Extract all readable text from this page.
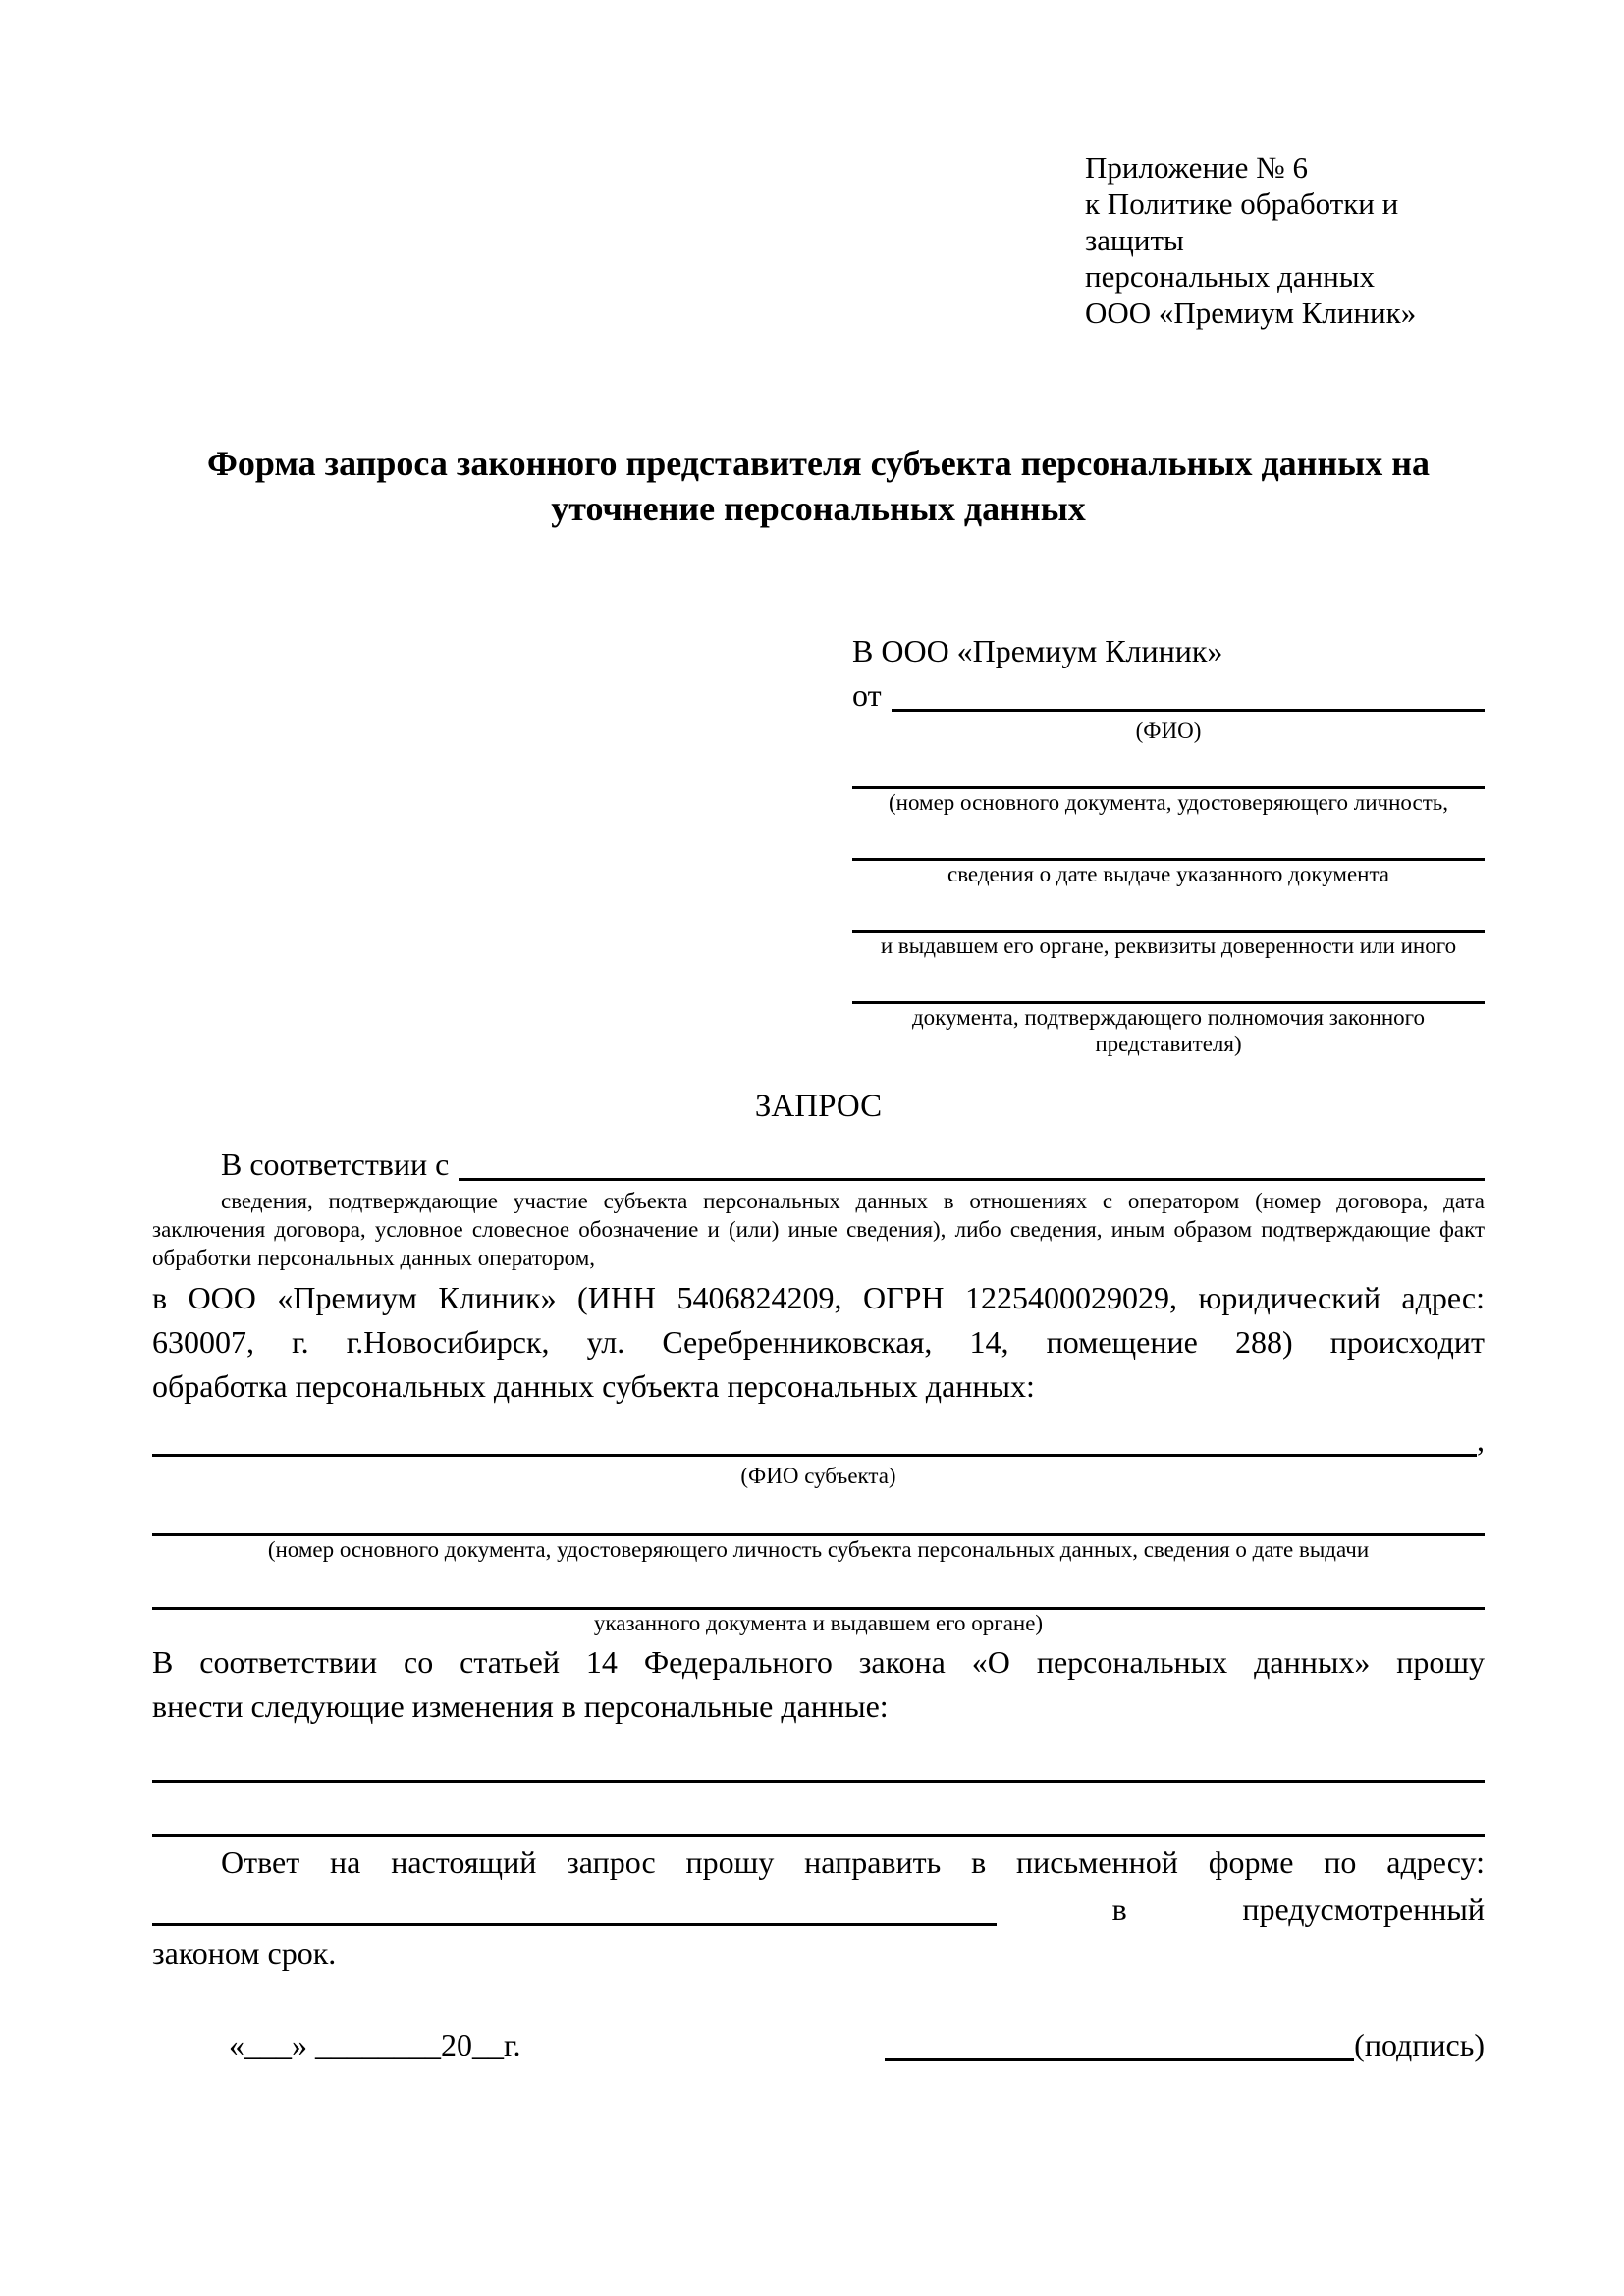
Приложение № 6
к Политике обработки и защиты
персональных данных
ООО «Премиум Клиник»
Форма запроса законного представителя субъекта персональных данных на уточнение персональных данных
В ООО «Премиум Клиник»
от
(ФИО)
(номер основного документа, удостоверяющего личность,
сведения о дате выдаче указанного документа
и выдавшем его органе, реквизиты доверенности или иного
документа, подтверждающего полномочия законного представителя)
ЗАПРОС
В соответствии с
сведения, подтверждающие участие субъекта персональных данных в отношениях с оператором (номер договора, дата
заключения договора, условное словесное обозначение и (или) иные сведения), либо сведения, иным образом подтверждающие факт
обработки персональных данных оператором,
в ООО «Премиум Клиник» (ИНН 5406824209, ОГРН 1225400029029, юридический адрес:
630007, г. г.Новосибирск, ул. Серебренниковская, 14, помещение 288) происходит
обработка персональных данных субъекта персональных данных:
,
(ФИО субъекта)
(номер основного документа, удостоверяющего личность субъекта персональных данных, сведения о дате выдачи
указанного документа и выдавшем его органе)
В соответствии со статьей 14 Федерального закона «О персональных данных» прошу
внести следующие изменения в персональные данные:
Ответ на настоящий запрос прошу направить в письменной форме по адресу:
в	предусмотренный
законом срок.
«___» ________20__г.	(подпись)
